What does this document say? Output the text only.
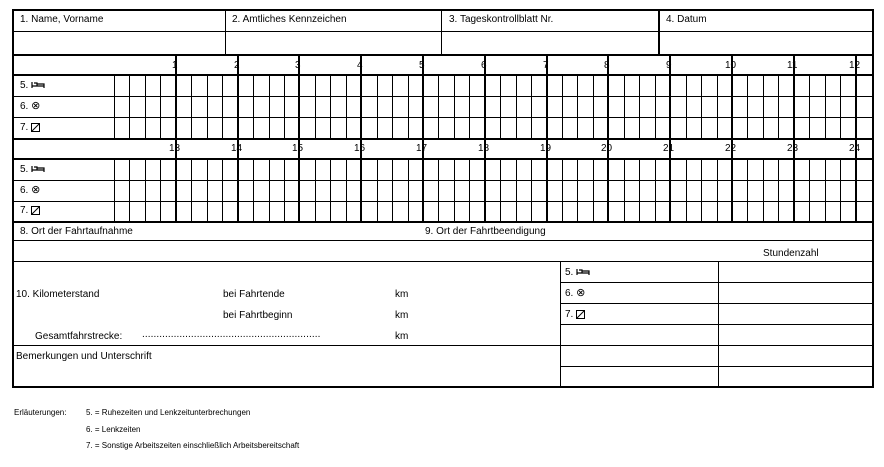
1. Name, Vorname	2. Amtliches Kennzeichen	3. Tageskontrollblatt Nr.	4. Datum
1	2	3	4	5	6	7	8	9	10	11	12
13	14	15	16	17	18	19	20	21	22	23	24
5.
6. ⊗
7.
5.
6. ⊗
7.
8. Ort der Fahrtaufnahme	9. Ort der Fahrtbeendigung
Stundenzahl
5.
6. ⊗
7.
10. Kilometerstand	bei Fahrtende	km
bei Fahrtbeginn	km
Gesamtfahrstrecke: ..............................................................	km
Bemerkungen und Unterschrift
Erläuterungen: 5. = Ruhezeiten und Lenkzeitunterbrechungen
6. = Lenkzeiten
7. = Sonstige Arbeitszeiten einschließlich Arbeitsbereitschaft
